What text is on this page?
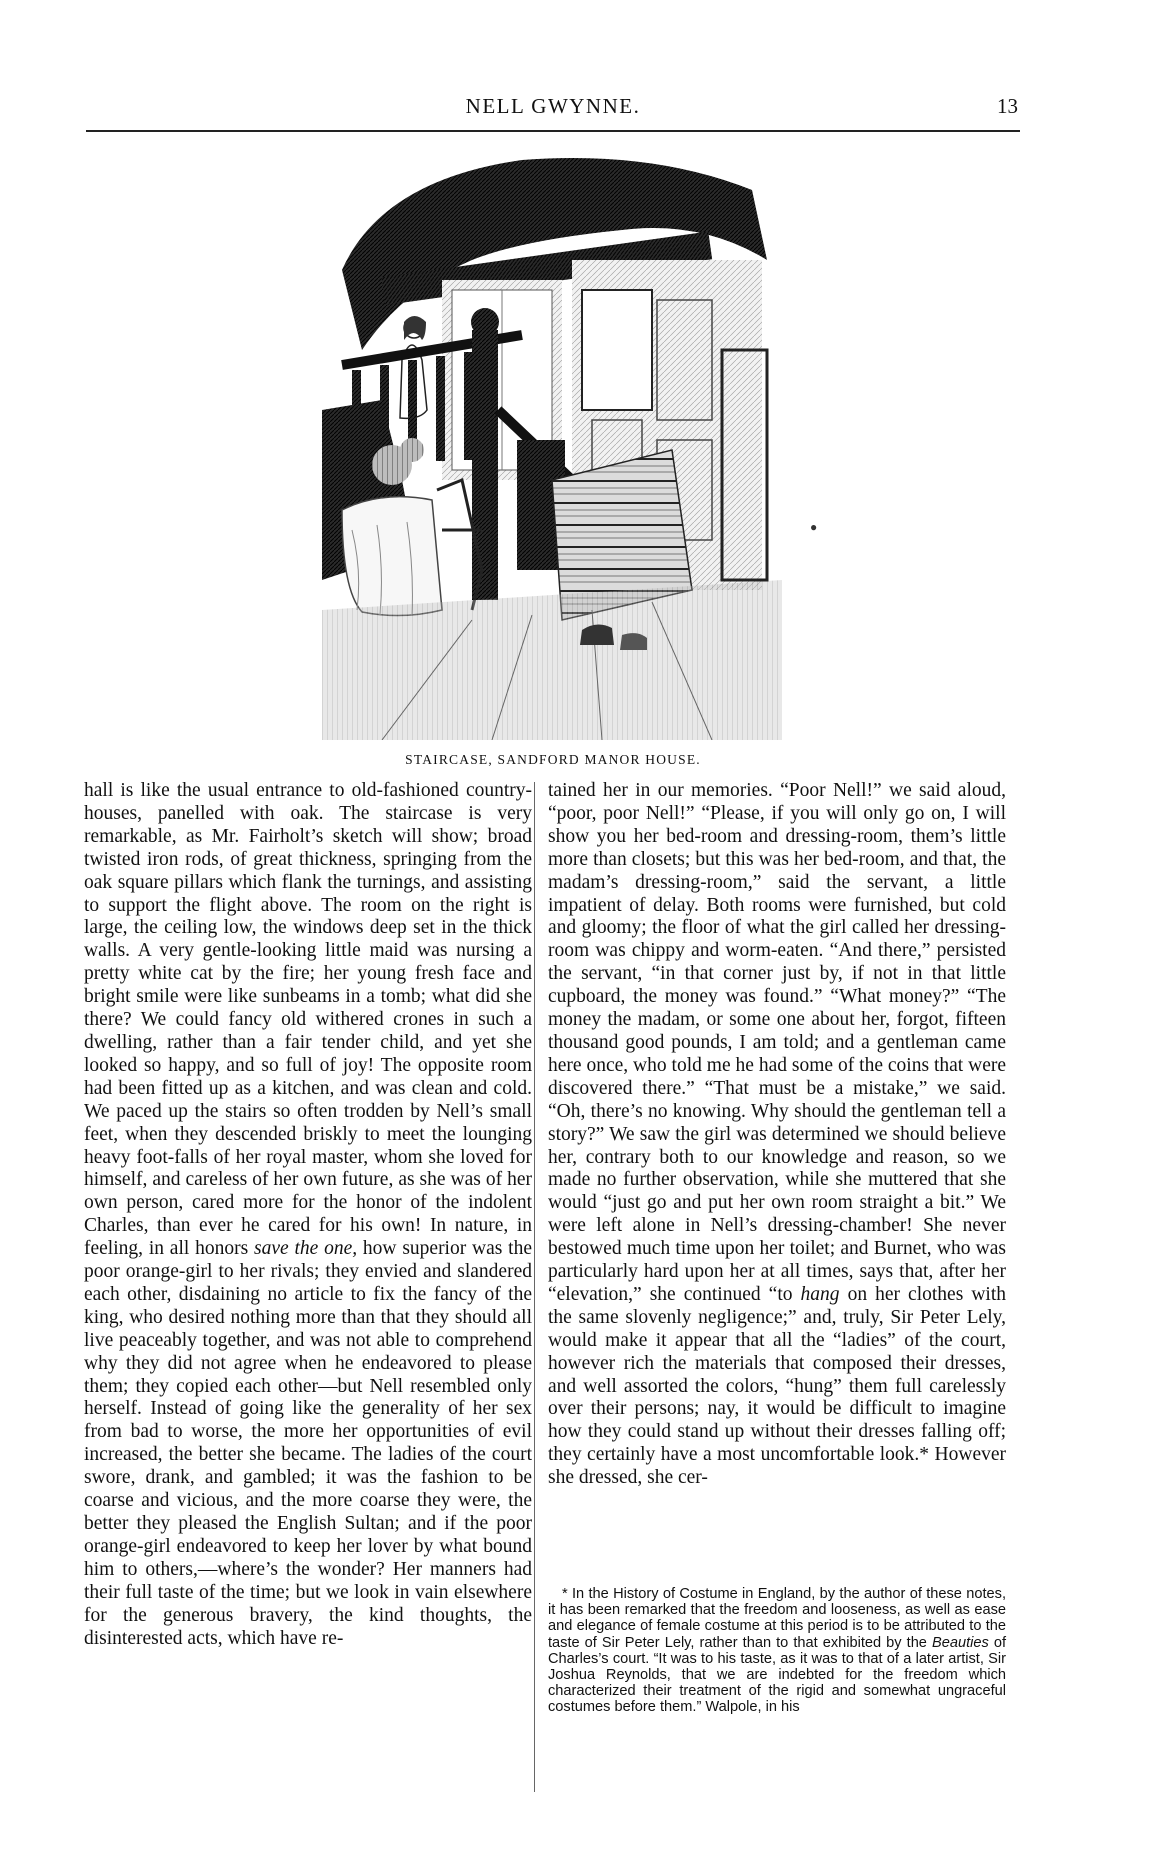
NELL GWYNNE.	13
STAIRCASE, SANDFORD MANOR HOUSE.

hall is like the usual entrance to old-fashioned country-houses, panelled with oak. The staircase is very remarkable, as Mr. Fairholt’s sketch will show; broad twisted iron rods, of great thickness, springing from the oak square pillars which flank the turnings, and assisting to support the flight above. The room on the right is large, the ceiling low, the windows deep set in the thick walls. A very gentle-looking little maid was nursing a pretty white cat by the fire; her young fresh face and bright smile were like sunbeams in a tomb; what did she there? We could fancy old withered crones in such a dwelling, rather than a fair tender child, and yet she looked so happy, and so full of joy! The opposite room had been fitted up as a kitchen, and was clean and cold. We paced up the stairs so often trodden by Nell’s small feet, when they descended briskly to meet the lounging heavy foot-falls of her royal master, whom she loved for himself, and careless of her own future, as she was of her own person, cared more for the honor of the indolent Charles, than ever he cared for his own! In nature, in feeling, in all honors save the one, how superior was the poor orange-girl to her rivals; they envied and slandered each other, disdaining no article to fix the fancy of the king, who desired nothing more than that they should all live peaceably together, and was not able to comprehend why they did not agree when he endeavored to please them; they copied each other—but Nell resembled only herself. Instead of going like the generality of her sex from bad to worse, the more her opportunities of evil increased, the better she became. The ladies of the court swore, drank, and gambled; it was the fashion to be coarse and vicious, and the more coarse they were, the better they pleased the English Sultan; and if the poor orange-girl endeavored to keep her lover by what bound him to others,—where’s the wonder? Her manners had their full taste of the time; but we look in vain elsewhere for the generous bravery, the kind thoughts, the disinterested acts, which have re-

tained her in our memories. “Poor Nell!” we said aloud, “poor, poor Nell!” “Please, if you will only go on, I will show you her bed-room and dressing-room, them’s little more than closets; but this was her bed-room, and that, the madam’s dressing-room,” said the servant, a little impatient of delay. Both rooms were furnished, but cold and gloomy; the floor of what the girl called her dressing-room was chippy and worm-eaten. “And there,” persisted the servant, “in that corner just by, if not in that little cupboard, the money was found.” “What money?” “The money the madam, or some one about her, forgot, fifteen thousand good pounds, I am told; and a gentleman came here once, who told me he had some of the coins that were discovered there.” “That must be a mistake,” we said. “Oh, there’s no knowing. Why should the gentleman tell a story?” We saw the girl was determined we should believe her, contrary both to our knowledge and reason, so we made no further observation, while she muttered that she would “just go and put her own room straight a bit.” We were left alone in Nell’s dressing-chamber! She never bestowed much time upon her toilet; and Burnet, who was particularly hard upon her at all times, says that, after her “elevation,” she continued “to hang on her clothes with the same slovenly negligence;” and, truly, Sir Peter Lely, would make it appear that all the “ladies” of the court, however rich the materials that composed their dresses, and well assorted the colors, “hung” them full carelessly over their persons; nay, it would be difficult to imagine how they could stand up without their dresses falling off; they certainly have a most uncomfortable look.* However she dressed, she cer-

* In the History of Costume in England, by the author of these notes, it has been remarked that the freedom and looseness, as well as ease and elegance of female costume at this period is to be attributed to the taste of Sir Peter Lely, rather than to that exhibited by the Beauties of Charles’s court. “It was to his taste, as it was to that of a later artist, Sir Joshua Reynolds, that we are indebted for the freedom which characterized their treatment of the rigid and somewhat ungraceful costumes before them.” Walpole, in his

●
